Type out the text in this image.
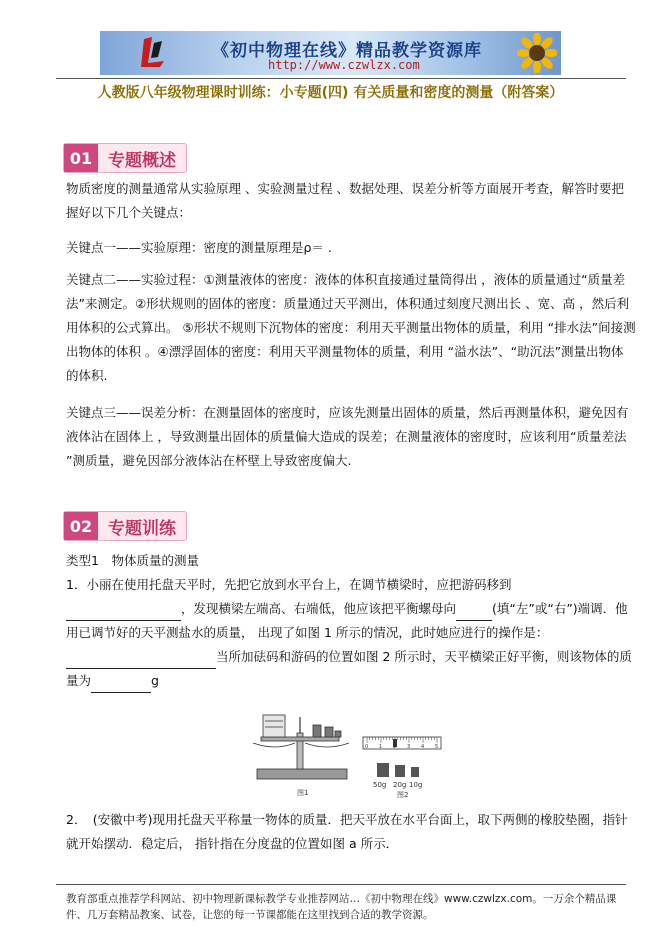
《初中物理在线》精品教学资源库
http://www.czwlzx.com
人教版八年级物理课时训练：小专题(四) 有关质量和密度的测量（附答案）
01 专题概述
物质密度的测量通常从实验原理 、实验测量过程 、数据处理、误差分析等方面展开考查，解答时要把握好以下几个关键点：
关键点一——实验原理：密度的测量原理是ρ＝ .
关键点二——实验过程：①测量液体的密度：液体的体积直接通过量筒得出 ，液体的质量通过“质量差法”来测定。②形状规则的固体的密度：质量通过天平测出，体积通过刻度尺测出长 、宽、高 ，然后利用体积的公式算出。 ⑤形状不规则下沉物体的密度：利用天平测量出物体的质量，利用 “排水法”间接测出物体的体积 。④漂浮固体的密度：利用天平测量物体的质量，利用 “溢水法”、“助沉法”测量出物体的体积.
关键点三——误差分析：在测量固体的密度时，应该先测量出固体的质量，然后再测量体积，避免因有液体沾在固体上 ，导致测量出固体的质量偏大造成的误差；在测量液体的密度时，应该利用“质量差法 ”测质量，避免因部分液体沾在杯壁上导致密度偏大.
02 专题训练
类型1　物体质量的测量
1．小丽在使用托盘天平时，先把它放到水平台上，在调节横梁时，应把游码移到
，发现横梁左端高、右端低，他应该把平衡螺母向	(填“左”或“右”)端调．他用已调节好的天平测盐水的质量， 出现了如图 1 所示的情况，此时她应进行的操作是：
当所加砝码和游码的位置如图 2 所示时，天平横梁正好平衡，则该物体的质量为	g
图1
0 1	3 4 5
50g 20g 10g
图2
2．　(安徽中考)现用托盘天平称量一物体的质量．把天平放在水平台面上，取下两侧的橡胶垫圈，指针就开始摆动．稳定后， 指针指在分度盘的位置如图 a 所示．
教育部重点推荐学科网站、初中物理新课标教学专业推荐网站…《初中物理在线》www.czwlzx.com。一万余个精品课件、几万套精品教案、试卷，让您的每一节课都能在这里找到合适的教学资源。
